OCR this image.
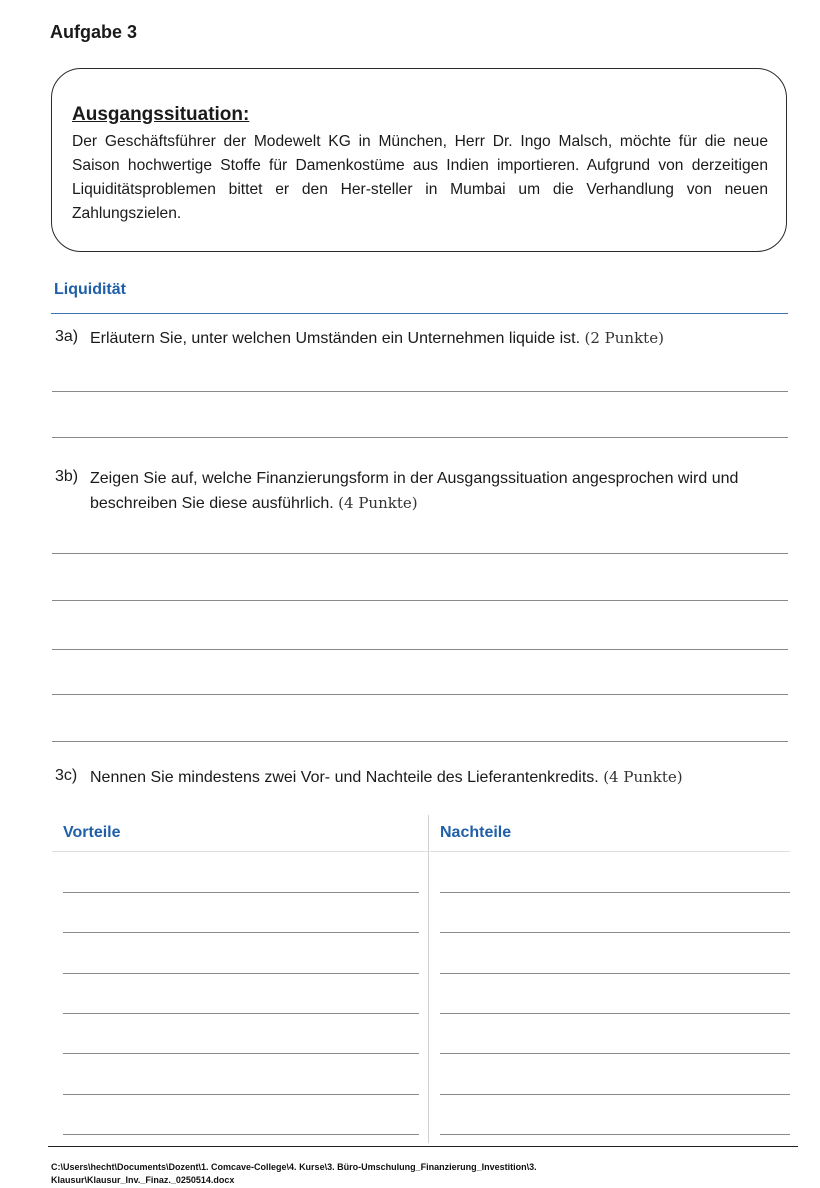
Aufgabe 3
Ausgangssituation:
Der Geschäftsführer der Modewelt KG in München, Herr Dr. Ingo Malsch, möchte für die neue Saison hochwertige Stoffe für Damenkostüme aus Indien importieren. Aufgrund von derzeitigen Liquiditätsproblemen bittet er den Her-steller in Mumbai um die Verhandlung von neuen Zahlungszielen.
Liquidität
3a) Erläutern Sie, unter welchen Umständen ein Unternehmen liquide ist. (2 Punkte)
3b) Zeigen Sie auf, welche Finanzierungsform in der Ausgangssituation angesprochen wird und beschreiben Sie diese ausführlich. (4 Punkte)
3c) Nennen Sie mindestens zwei Vor- und Nachteile des Lieferantenkredits. (4 Punkte)
Vorteile	Nachteile
C:\Users\hecht\Documents\Dozent\1. Comcave-College\4. Kurse\3. Büro-Umschulung_Finanzierung_Investition\3. Klausur\Klausur_Inv._Finaz._0250514.docx
